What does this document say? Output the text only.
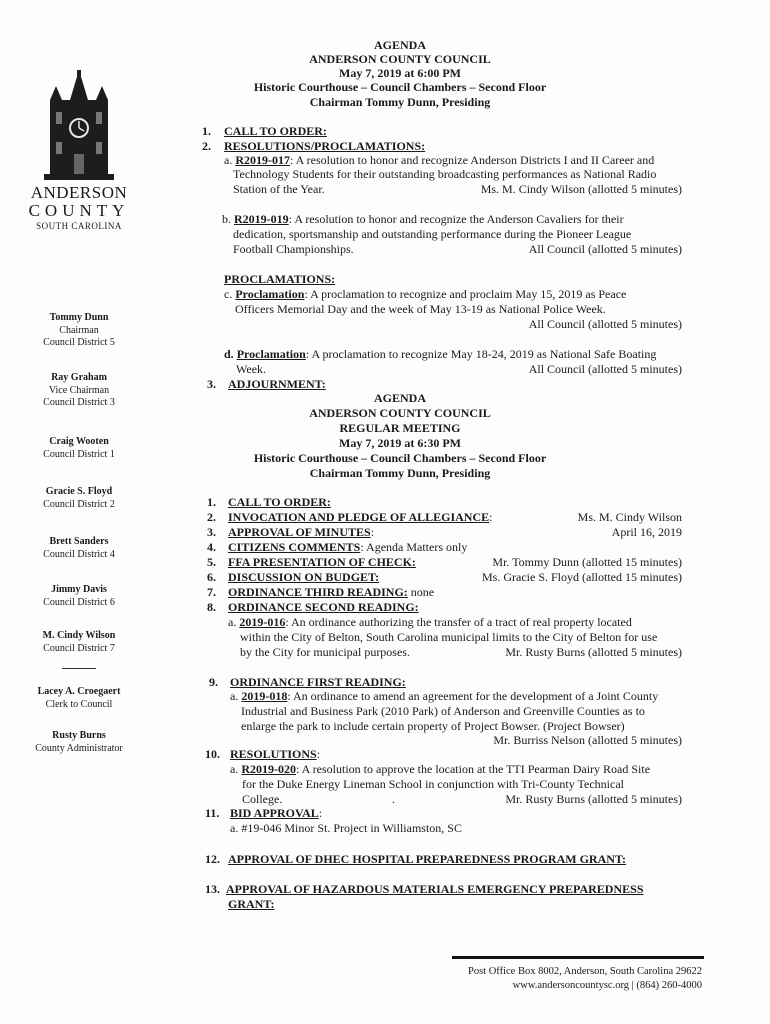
ANDERSON
COUNTY
SOUTH CAROLINA
Tommy Dunn
Chairman
Council District 5
Ray Graham
Vice Chairman
Council District 3
Craig Wooten
Council District 1
Gracie S. Floyd
Council District 2
Brett Sanders
Council District 4
Jimmy Davis
Council District 6
M. Cindy Wilson
Council District 7
Lacey A. Croegaert
Clerk to Council
Rusty Burns
County Administrator
AGENDA
ANDERSON COUNTY COUNCIL
May 7, 2019 at 6:00 PM
Historic Courthouse – Council Chambers – Second Floor
Chairman Tommy Dunn, Presiding
1. CALL TO ORDER:
2. RESOLUTIONS/PROCLAMATIONS:
a. R2019-017: A resolution to honor and recognize Anderson Districts I and II Career and
Technology Students for their outstanding broadcasting performances as National Radio
Station of the Year.	Ms. M. Cindy Wilson (allotted 5 minutes)
b. R2019-019: A resolution to honor and recognize the Anderson Cavaliers for their
dedication, sportsmanship and outstanding performance during the Pioneer League
Football Championships.	All Council (allotted 5 minutes)
PROCLAMATIONS:
c. Proclamation: A proclamation to recognize and proclaim May 15, 2019 as Peace
Officers Memorial Day and the week of May 13-19 as National Police Week.
All Council (allotted 5 minutes)
d. Proclamation: A proclamation to recognize May 18-24, 2019 as National Safe Boating
Week.	All Council (allotted 5 minutes)
3. ADJOURNMENT:
AGENDA
ANDERSON COUNTY COUNCIL
REGULAR MEETING
May 7, 2019 at 6:30 PM
Historic Courthouse – Council Chambers – Second Floor
Chairman Tommy Dunn, Presiding
1. CALL TO ORDER:
2. INVOCATION AND PLEDGE OF ALLEGIANCE:	Ms. M. Cindy Wilson
3. APPROVAL OF MINUTES:	April 16, 2019
4. CITIZENS COMMENTS: Agenda Matters only
5. FFA PRESENTATION OF CHECK:	Mr. Tommy Dunn (allotted 15 minutes)
6. DISCUSSION ON BUDGET:	Ms. Gracie S. Floyd (allotted 15 minutes)
7. ORDINANCE THIRD READING: none
8. ORDINANCE SECOND READING:
a. 2019-016: An ordinance authorizing the transfer of a tract of real property located
within the City of Belton, South Carolina municipal limits to the City of Belton for use
by the City for municipal purposes.	Mr. Rusty Burns (allotted 5 minutes)
9. ORDINANCE FIRST READING:
a. 2019-018: An ordinance to amend an agreement for the development of a Joint County
Industrial and Business Park (2010 Park) of Anderson and Greenville Counties as to
enlarge the park to include certain property of Project Bowser. (Project Bowser)
Mr. Burriss Nelson (allotted 5 minutes)
10. RESOLUTIONS:
a. R2019-020: A resolution to approve the location at the TTI Pearman Dairy Road Site
for the Duke Energy Lineman School in conjunction with Tri-County Technical
College.	.	Mr. Rusty Burns (allotted 5 minutes)
11. BID APPROVAL:
a. #19-046 Minor St. Project in Williamston, SC
12. APPROVAL OF DHEC HOSPITAL PREPAREDNESS PROGRAM GRANT:
13. APPROVAL OF HAZARDOUS MATERIALS EMERGENCY PREPAREDNESS
GRANT:
Post Office Box 8002, Anderson, South Carolina 29622
www.andersoncountysc.org | (864) 260-4000
